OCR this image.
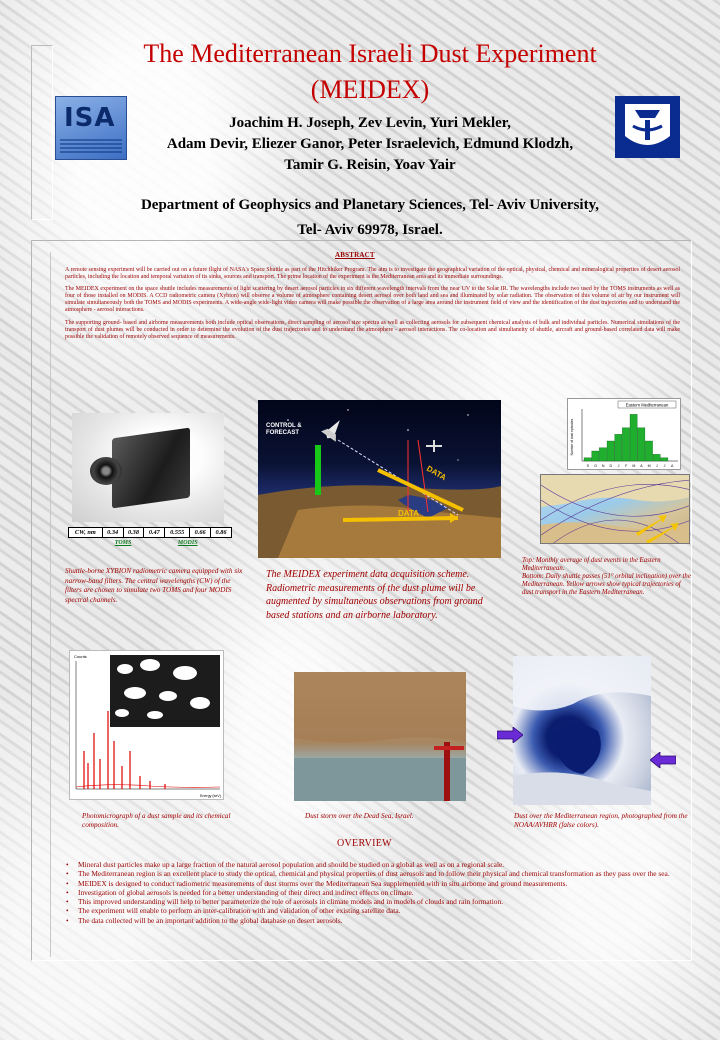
ISA
The Mediterranean Israeli Dust Experiment
(MEIDEX)
Joachim H. Joseph, Zev Levin, Yuri Mekler,
Adam Devir, Eliezer Ganor, Peter Israelevich, Edmund Klodzh,
Tamir G. Reisin, Yoav Yair
Department of Geophysics and Planetary Sciences, Tel- Aviv University,
Tel- Aviv 69978, Israel.
ABSTRACT

A remote sensing experiment will be carried out on a future flight of NASA's Space Shuttle as part of the Hitchhiker Program. The aim is to investigate the geographical variation of the optical, physical, chemical and mineralogical properties of desert aerosol particles, including the location and temporal variation of its sinks, sources and transport. The prime location of the experiment is the Mediterranean area and its immediate surroundings.

The MEIDEX experiment on the space shuttle includes measurements of light scattering by desert aerosol particles in six different wavelength intervals from the near UV to the Solar IR. The wavelengths include two used by the TOMS instruments as well as four of those installed on MODIS. A CCD radiometric camera (Xybion) will observe a volume of atmosphere containing desert aerosol over both land and sea and illuminated by solar radiation. The observation of this volume of air by our instrument will simulate simultaneously both the TOMS and MODIS experiments. A wide-angle wide-light video camera will make possible the observation of a large area around the instrument field of view and the identification of the dust trajectories and to understand the atmosphere - aerosol interactions.

The supporting ground- based and airborne measurements both include optical observations, direct sampling of aerosol size spectra as well as collecting aerosols for subsequent chemical analysis of bulk and individual particles. Numerical simulations of the transport of dust plumes will be conducted in order to determine the evolution of the dust trajectories and to understand the atmosphere - aerosol interactions. The co-location and simultaneity of shuttle, aircraft and ground-based correlated data will make possible the validation of remotely observed sequence of measurements.

CW, nm	0.34	0.38	0.47	0.555	0.66	0.86
	TOMS		MODIS			
Shuttle-borne XYBION radiometric camera equipped with six narrow-band filters. The central wavelengths (CW) of the filters are chosen to simulate two TOMS and four MODIS spectral channels.
CONTROL &
FORECAST
DATA
DATA
The MEIDEX experiment data acquisition scheme. Radiometric measurements of the dust plume will be augmented by simultaneous observations from ground based stations and an airborne laboratory.
Eastern Mediterranean
Number of dust episodes
S O N D J F M A M J J A
Top: Monthly average of dust events in the Eastern Mediterranean.
Bottom: Daily shuttle passes (51° orbital inclination) over the Mediterranean. Yellow arrows show typical trajectories of dust transport in the Eastern Mediterranean.
Counts
Energy (keV)
Photomicrograph of a dust sample and its chemical composition.
Dust storm over the Dead Sea, Israel.	Dust over the Mediterranean region, photographed from the NOAA/AVHRR (false colors).
OVERVIEW
• Mineral dust particles make up a large fraction of the natural aerosol population and should be studied on a global as well as on a regional scale.
• The Mediterranean region is an excellent place to study the optical, chemical and physical properties of dust aerosols and to follow their physical and chemical transformation as they pass over the sea.
• MEIDEX is designed to conduct radiometric measurements of dust storms over the Mediterranean Sea supplemented with in situ airborne and ground measurements.
• Investigation of global aerosols is needed for a better understanding of their direct and indirect effects on climate.
• This improved understanding will help to better parameterize the role of aerosols in climate models and in models of clouds and rain formation.
• The experiment will enable to perform an inter-calibration with and validation of other existing satellite data.
• The data collected will be an important addition to the global database on desert aerosols.
